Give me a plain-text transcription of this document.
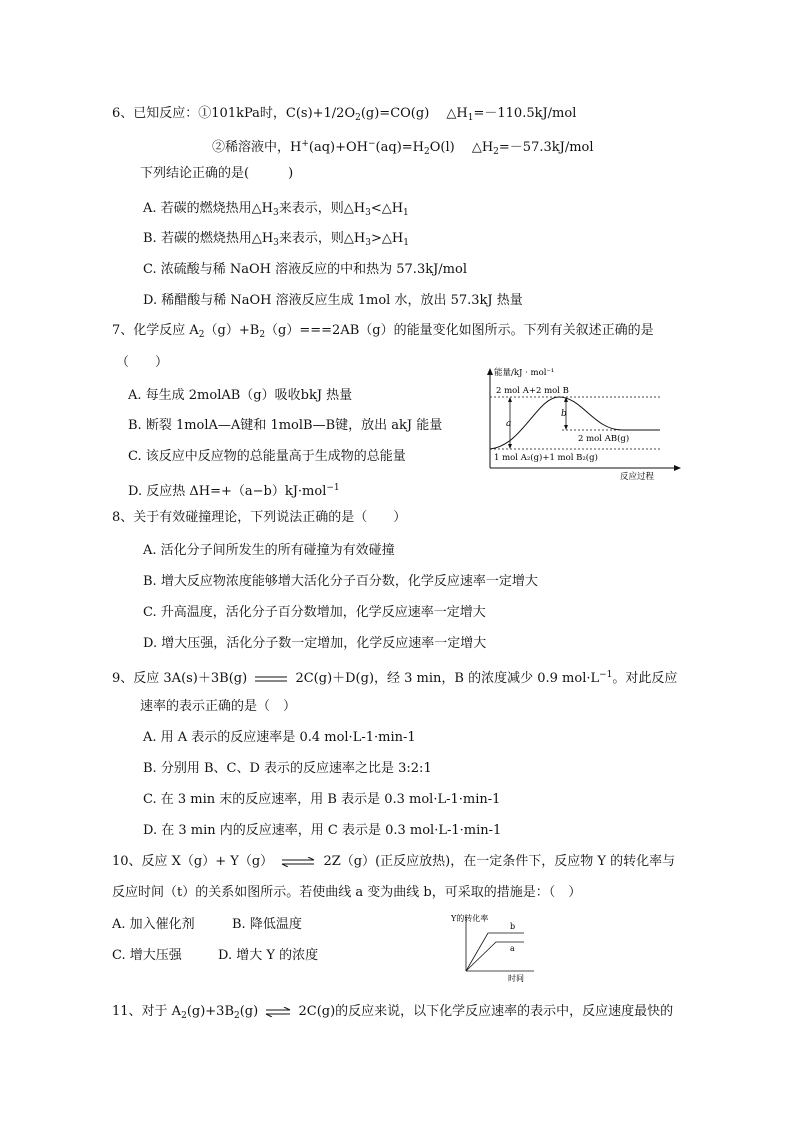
6、已知反应：①101kPa时，$C(s)+1/2O_2(g)=CO(g)$　 $\triangle H_1=-110.5kJ$/mol
②稀溶液中，$H^+(aq)+OH^-(aq)=H_2O(l)$　 $\triangle H_2=-57.3kJ$/mol
下列结论正确的是(　　　)
A. 若碳的燃烧热用$\triangle H_3$来表示，则$\triangle H_3<\triangle H_1$
B. 若碳的燃烧热用$\triangle H_3$来表示，则$\triangle H_3>\triangle H_1$
C. 浓硫酸与稀 NaOH 溶液反应的中和热为 57.3kJ/mol
D. 稀醋酸与稀 NaOH 溶液反应生成 1mol 水，放出 57.3kJ 热量
7、化学反应 $A_2(g)+B_2(g)===2AB(g)$的能量变化如图所示。下列有关叙述正确的是
（　　）
A. 每生成 2molAB（g）吸收bkJ 热量
B. 断裂 1molA—A键和 1molB—B键，放出 akJ 能量
C. 该反应中反应物的总能量高于生成物的总能量
D. 反应热 ΔH=+（a−b）kJ·mol$^{-1}$
能量/kJ · mol⁻¹
2 mol A+2 mol B
a
b
2 mol AB(g)
1 mol A₂(g)+1 mol B₂(g)
反应过程
8、关于有效碰撞理论，下列说法正确的是（　　）
A. 活化分子间所发生的所有碰撞为有效碰撞
B. 增大反应物浓度能够增大活化分子百分数，化学反应速率一定增大
C. 升高温度，活化分子百分数增加，化学反应速率一定增大
D. 增大压强，活化分子数一定增加，化学反应速率一定增大
9、反应 3A(s)＋3B(g)	2C(g)＋D(g)，经 3 min，B 的浓度减少 0.9 $mol\cdot L^{-1}$。对此反应
速率的表示正确的是（　）
A. 用 A 表示的反应速率是 0.4 mol·L-1·min-1
B. 分别用 B、C、D 表示的反应速率之比是 3:2:1
C. 在 3 min 末的反应速率，用 B 表示是 0.3 mol·L-1·min-1
D. 在 3 min 内的反应速率，用 C 表示是 0.3 mol·L-1·min-1
10、反应 X（g）+ Y（g）	2Z（g）(正反应放热)，在一定条件下，反应物 Y 的转化率与
反应时间（t）的关系如图所示。若使曲线 a 变为曲线 b，可采取的措施是：（　）
A. 加入催化剂	B. 降低温度
C. 增大压强	D. 增大 Y 的浓度
Y的转化率
b
a
时间
11、对于 $A_2(g)+3B_2(g)$	2C(g)的反应来说，以下化学反应速率的表示中，反应速度最快的
